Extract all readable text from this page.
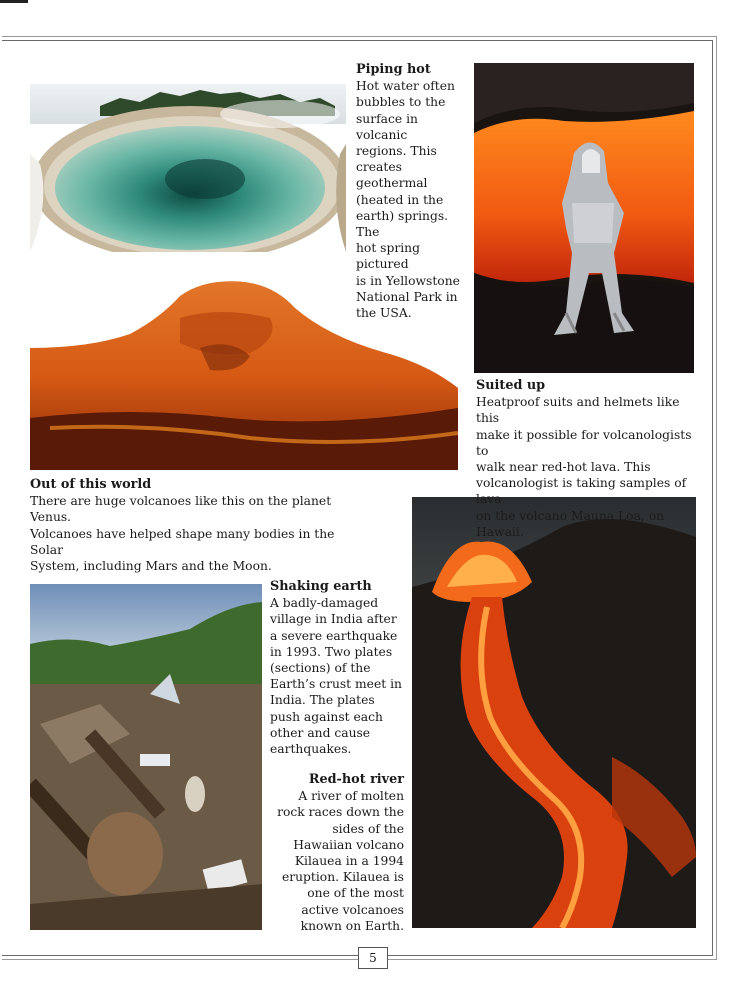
Piping hot

Hot water often

bubbles to the

surface in volcanic

regions. This

creates geothermal

(heated in the

earth) springs. The

hot spring pictured

is in Yellowstone

National Park in

the USA.

Suited up

Heatproof suits and helmets like this

make it possible for volcanologists to

walk near red-hot lava. This

volcanologist is taking samples of lava

on the volcano Mauna Loa, on Hawaii.

Out of this world

There are huge volcanoes like this on the planet Venus.

Volcanoes have helped shape many bodies in the Solar

System, including Mars and the Moon.

Shaking earth

A badly-damaged

village in India after

a severe earthquake

in 1993. Two plates

(sections) of the

Earth’s crust meet in

India. The plates

push against each

other and cause

earthquakes.

Red-hot river

A river of molten

rock races down the

sides of the

Hawaiian volcano

Kilauea in a 1994

eruption. Kilauea is

one of the most

active volcanoes

known on Earth.

5
